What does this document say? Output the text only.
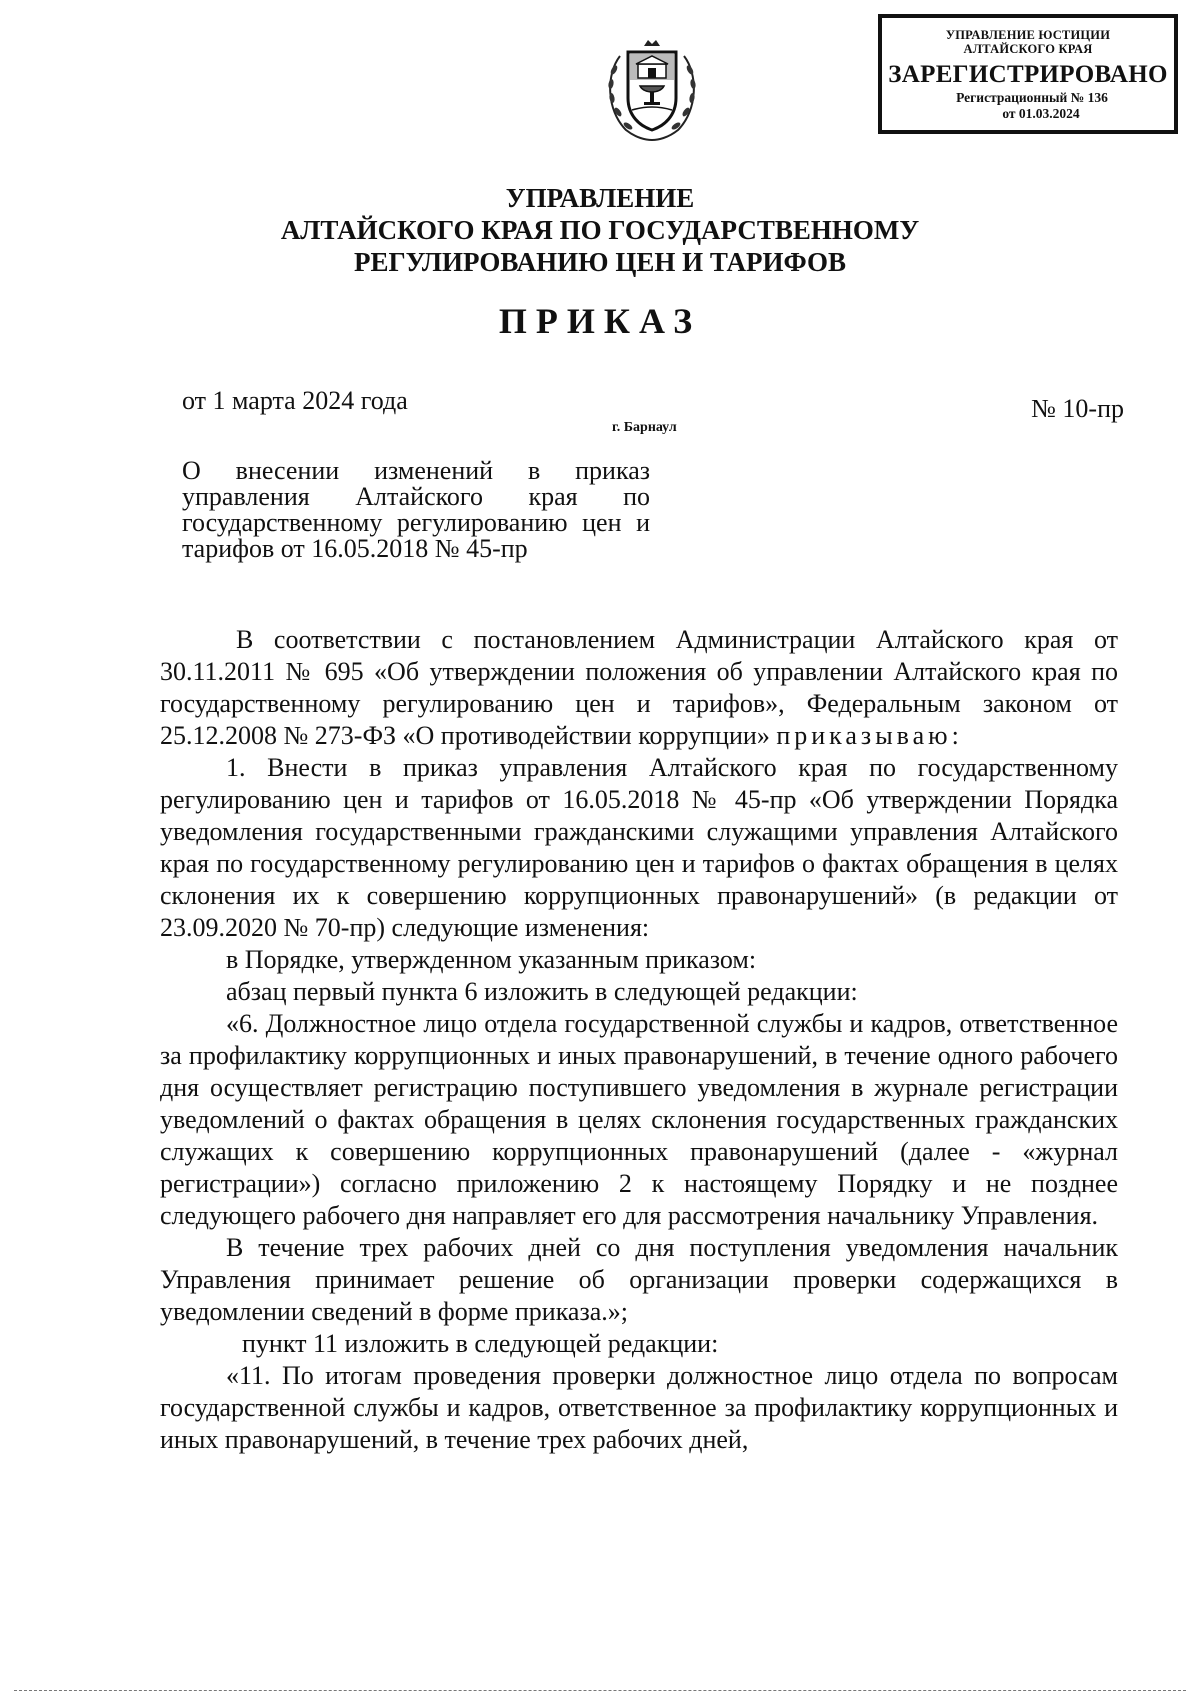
УПРАВЛЕНИЕ ЮСТИЦИИ
АЛТАЙСКОГО КРАЯ
ЗАРЕГИСТРИРОВАНО
Регистрационный № 136
от 01.03.2024
УПРАВЛЕНИЕ
АЛТАЙСКОГО КРАЯ ПО ГОСУДАРСТВЕННОМУ
РЕГУЛИРОВАНИЮ ЦЕН И ТАРИФОВ
ПРИКАЗ
от 1 марта 2024 года	№ 10-пр
г. Барнаул
О внесении изменений в приказ управления Алтайского края по государственному регулированию цен и тарифов от 16.05.2018 № 45-пр

В соответствии с постановлением Администрации Алтайского края от 30.11.2011 № 695 «Об утверждении положения об управлении Алтайского края по государственному регулированию цен и тарифов», Федеральным законом от 25.12.2008 № 273-ФЗ «О противодействии коррупции» приказываю:

1. Внести в приказ управления Алтайского края по государственному регулированию цен и тарифов от 16.05.2018 № 45-пр «Об утверждении Порядка уведомления государственными гражданскими служащими управления Алтайского края по государственному регулированию цен и тарифов о фактах обращения в целях склонения их к совершению коррупционных правонарушений» (в редакции от 23.09.2020 № 70-пр) следующие изменения:

в Порядке, утвержденном указанным приказом:

абзац первый пункта 6 изложить в следующей редакции:

«6. Должностное лицо отдела государственной службы и кадров, ответственное за профилактику коррупционных и иных правонарушений, в течение одного рабочего дня осуществляет регистрацию поступившего уведомления в журнале регистрации уведомлений о фактах обращения в целях склонения государственных гражданских служащих к совершению коррупционных правонарушений (далее - «журнал регистрации») согласно приложению 2 к настоящему Порядку и не позднее следующего рабочего дня направляет его для рассмотрения начальнику Управления.

В течение трех рабочих дней со дня поступления уведомления начальник Управления принимает решение об организации проверки содержащихся в уведомлении сведений в форме приказа.»;

пункт 11 изложить в следующей редакции:

«11. По итогам проведения проверки должностное лицо отдела по вопросам государственной службы и кадров, ответственное за профилактику коррупционных и иных правонарушений, в течение трех рабочих дней,
